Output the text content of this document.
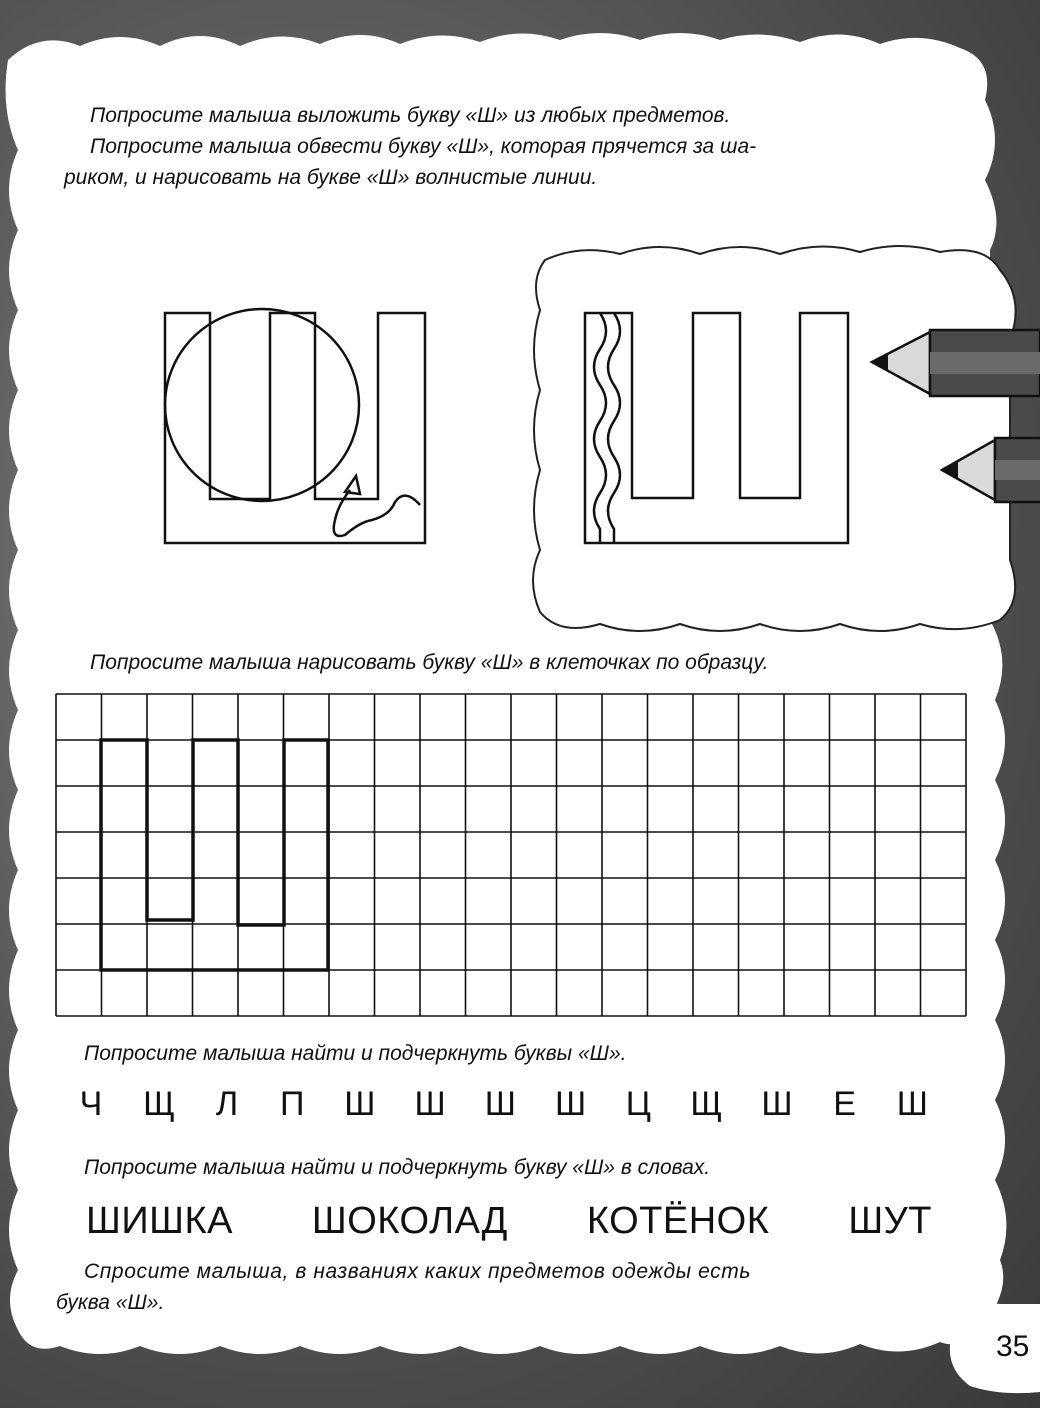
Попросите малыша выложить букву «Ш» из любых предметов.
Попросите малыша обвести букву «Ш», которая прячется за ша-
риком, и нарисовать на букве «Ш» волнистые линии.
Попросите малыша нарисовать букву «Ш» в клеточках по образцу.
Попросите малыша найти и подчеркнуть буквы «Ш».
Ч Щ Л П Ш Ш Ш Ш Ц Щ Ш Е Ш
Попросите малыша найти и подчеркнуть букву «Ш» в словах.
ШИШКА ШОКОЛАД КОТЁНОК ШУТ
Спросите малыша, в названиях каких предметов одежды есть
буква «Ш».
35
